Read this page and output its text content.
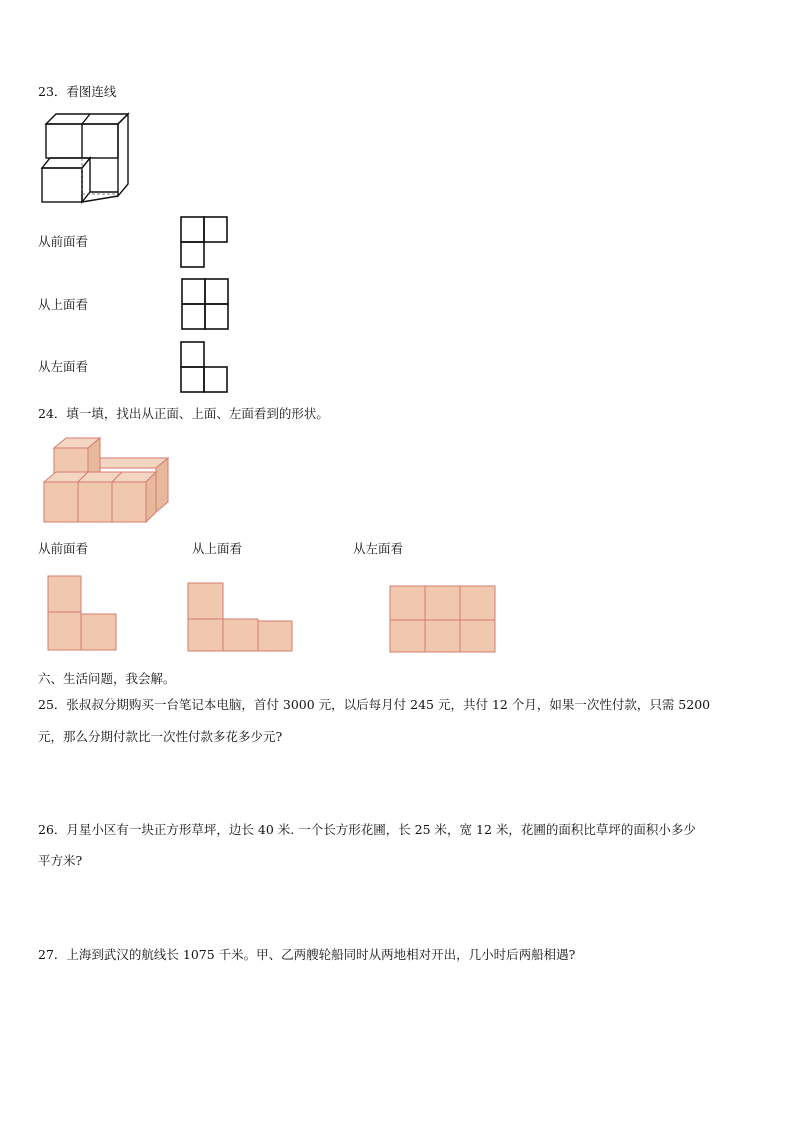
23．看图连线
从前面看
从上面看
从左面看
24．填一填，找出从正面、上面、左面看到的形状。
从前面看	从上面看	从左面看
六、生活问题，我会解。
25．张叔叔分期购买一台笔记本电脑，首付 3000 元，以后每月付 245 元，共付 12 个月，如果一次性付款，只需 5200
元，那么分期付款比一次性付款多花多少元?
26．月星小区有一块正方形草坪，边长 40 米. 一个长方形花圃，长 25 米，宽 12 米，花圃的面积比草坪的面积小多少
平方米?
27．上海到武汉的航线长 1075 千米。甲、乙两艘轮船同时从两地相对开出，几小时后两船相遇?
